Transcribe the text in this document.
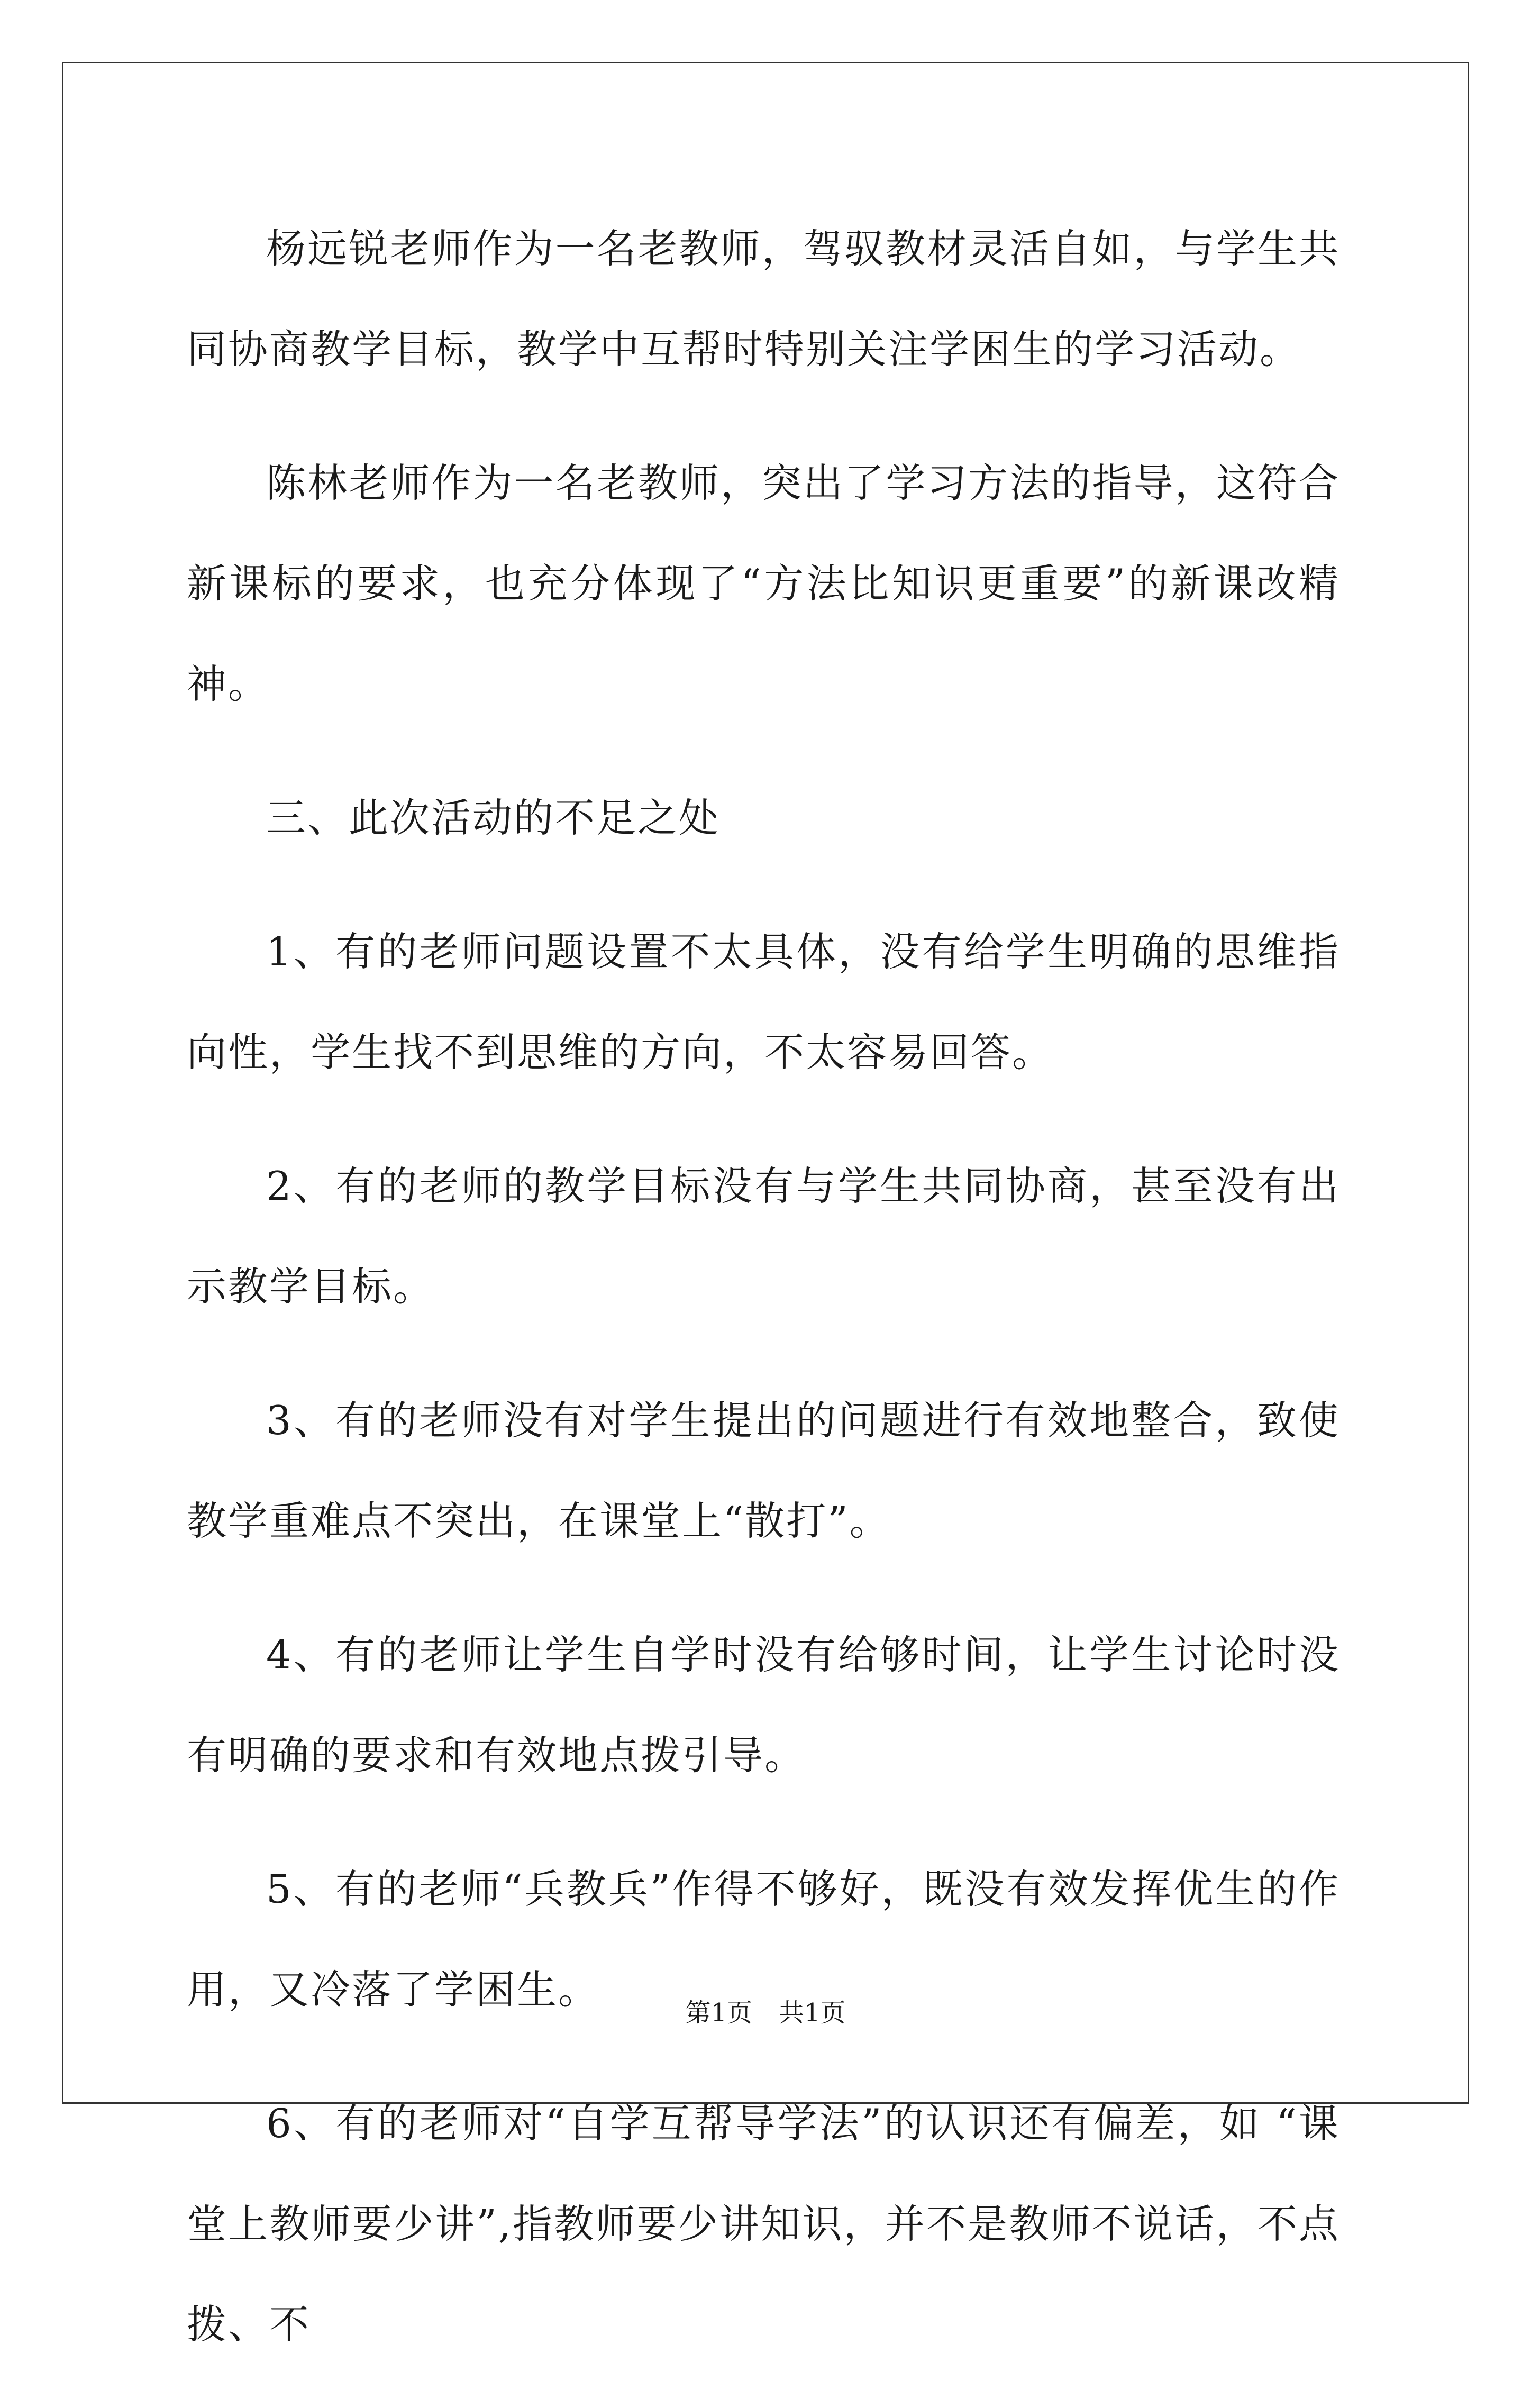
杨远锐老师作为一名老教师，驾驭教材灵活自如，与学生共同协商教学目标，教学中互帮时特别关注学困生的学习活动。

陈林老师作为一名老教师，突出了学习方法的指导，这符合新课标的要求，也充分体现了“方法比知识更重要”的新课改精神。

三、此次活动的不足之处

1、有的老师问题设置不太具体，没有给学生明确的思维指向性，学生找不到思维的方向，不太容易回答。

2、有的老师的教学目标没有与学生共同协商，甚至没有出示教学目标。

3、有的老师没有对学生提出的问题进行有效地整合，致使教学重难点不突出，在课堂上“散打”。

4、有的老师让学生自学时没有给够时间，让学生讨论时没有明确的要求和有效地点拨引导。

5、有的老师“兵教兵”作得不够好，既没有效发挥优生的作用，又冷落了学困生。

6、有的老师对“自学互帮导学法”的认识还有偏差，如 “课堂上教师要少讲”,指教师要少讲知识，并不是教师不说话，不点拨、不

第1页 共1页
